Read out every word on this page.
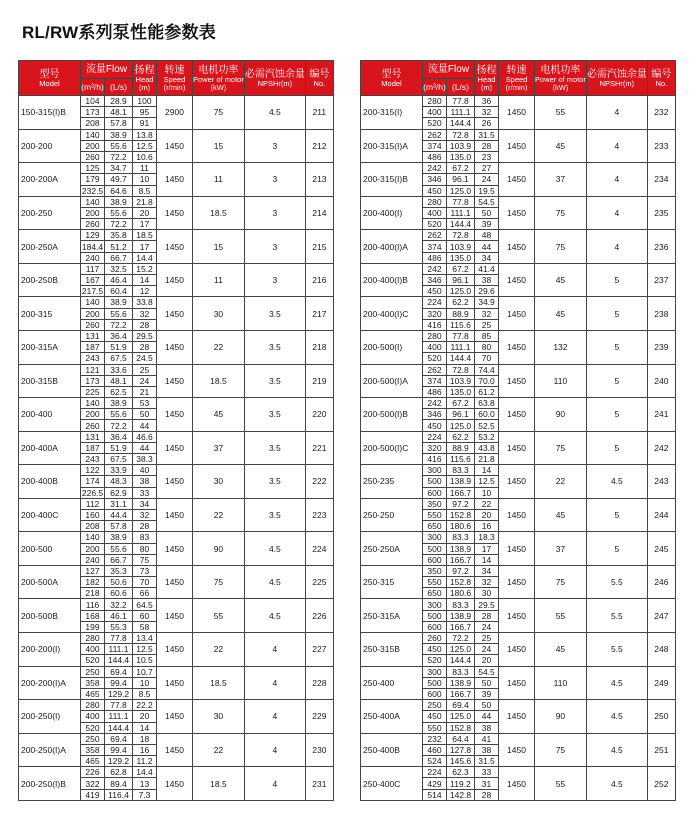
RL/RW系列泵性能参数表
型号
Model	流量Flow		扬程
Head
(m)	转速
Speed
(r/min)	电机功率
Power of motor
(kW)	必需汽蚀余量
NPSHr(m)	编号
No.

	(m³/h)	(L/s)					
150-315(I)B	104	28.9	100	2900	75	4.5	211
	173	48.1	95				
	208	57.8	91				
200-200	140	38.9	13.8	1450	15	3	212
	200	55.6	12.5				
	260	72.2	10.6				
200-200A	125	34.7	11	1450	11	3	213
	179	49.7	10				
	232.5	64.6	8.5				
200-250	140	38.9	21.8	1450	18.5	3	214
	200	55.6	20				
	260	72.2	17				
200-250A	129	35.8	18.5	1450	15	3	215
	184.4	51.2	17				
	240	66.7	14.4				
200-250B	117	32.5	15.2	1450	11	3	216
	167	46.4	14				
	217.5	60.4	12				
200-315	140	38.9	33.8	1450	30	3.5	217
	200	55.6	32				
	260	72.2	28				
200-315A	131	36.4	29.5	1450	22	3.5	218
	187	51.9	28				
	243	67.5	24.5				
200-315B	121	33.6	25	1450	18.5	3.5	219
	173	48.1	24				
	225	62.5	21				
200-400	140	38.9	53	1450	45	3.5	220
	200	55.6	50				
	260	72.2	44				
200-400A	131	36.4	46.6	1450	37	3.5	221
	187	51.9	44				
	243	67.5	38.3				
200-400B	122	33.9	40	1450	30	3.5	222
	174	48.3	38				
	226.5	62.9	33				
200-400C	112	31.1	34	1450	22	3.5	223
	160	44.4	32				
	208	57.8	28				
200-500	140	38.9	83	1450	90	4.5	224
	200	55.6	80				
	240	66.7	75				
200-500A	127	35.3	73	1450	75	4.5	225
	182	50.6	70				
	218	60.6	66				
200-500B	116	32.2	64.5	1450	55	4.5	226
	168	46.1	60				
	199	55.3	58				
200-200(I)	280	77.8	13.4	1450	22	4	227
	400	111.1	12.5				
	520	144.4	10.5				
200-200(I)A	250	69.4	10.7	1450	18.5	4	228
	358	99.4	10				
	465	129.2	8.5				
200-250(I)	280	77.8	22.2	1450	30	4	229
	400	111.1	20				
	520	144.4	14				
200-250(I)A	250	69.4	18	1450	22	4	230
	358	99.4	16				
	465	129.2	11.2				
200-250(I)B	226	62.8	14.4	1450	18.5	4	231
	322	89.4	13				
	419	116.4	7.3				
型号
Model	流量Flow		扬程
Head
(m)	转速
Speed
(r/min)	电机功率
Power of motor
(kW)	必需汽蚀余量
NPSHr(m)	编号
No.

	(m³/h)	(L/s)					
200-315(I)	280	77.8	36	1450	55	4	232
	400	111.1	32				
	520	144.4	26				
200-315(I)A	262	72.8	31.5	1450	45	4	233
	374	103.9	28				
	486	135.0	23				
200-315(I)B	242	67.2	27	1450	37	4	234
	346	96.1	24				
	450	125.0	19.5				
200-400(I)	280	77.8	54.5	1450	75	4	235
	400	111.1	50				
	520	144.4	39				
200-400(I)A	262	72.8	48	1450	75	4	236
	374	103.9	44				
	486	135.0	34				
200-400(I)B	242	67.2	41.4	1450	45	5	237
	346	96.1	38				
	450	125.0	29.6				
200-400(I)C	224	62.2	34.9	1450	45	5	238
	320	88.9	32				
	416	115.6	25				
200-500(I)	280	77.8	85	1450	132	5	239
	400	111.1	80				
	520	144.4	70				
200-500(I)A	262	72.8	74.4	1450	110	5	240
	374	103.9	70.0				
	486	135.0	61.2				
200-500(I)B	242	67.2	63.8	1450	90	5	241
	346	96.1	60.0				
	450	125.0	52.5				
200-500(I)C	224	62.2	53.2	1450	75	5	242
	320	88.9	43.8				
	416	115.6	21.8				
250-235	300	83.3	14	1450	22	4.5	243
	500	138.9	12.5				
	600	166.7	10				
250-250	350	97.2	22	1450	45	5	244
	550	152.8	20				
	650	180.6	16				
250-250A	300	83.3	18.3	1450	37	5	245
	500	138.9	17				
	600	166.7	14				
250-315	350	97.2	34	1450	75	5.5	246
	550	152.8	32				
	650	180.6	30				
250-315A	300	83.3	29.5	1450	55	5.5	247
	500	138.9	28				
	600	166.7	24				
250-315B	260	72.2	25	1450	45	5.5	248
	450	125.0	24				
	520	144.4	20				
250-400	300	83.3	54.5	1450	110	4.5	249
	500	138.9	50				
	600	166.7	39				
250-400A	250	69.4	50	1450	90	4.5	250
	450	125.0	44				
	550	152.8	38				
250-400B	232	64.4	41	1450	75	4.5	251
	460	127.8	38				
	524	145.6	31.5				
250-400C	224	62.3	33	1450	55	4.5	252
	429	119.2	31				
	514	142.8	28				
